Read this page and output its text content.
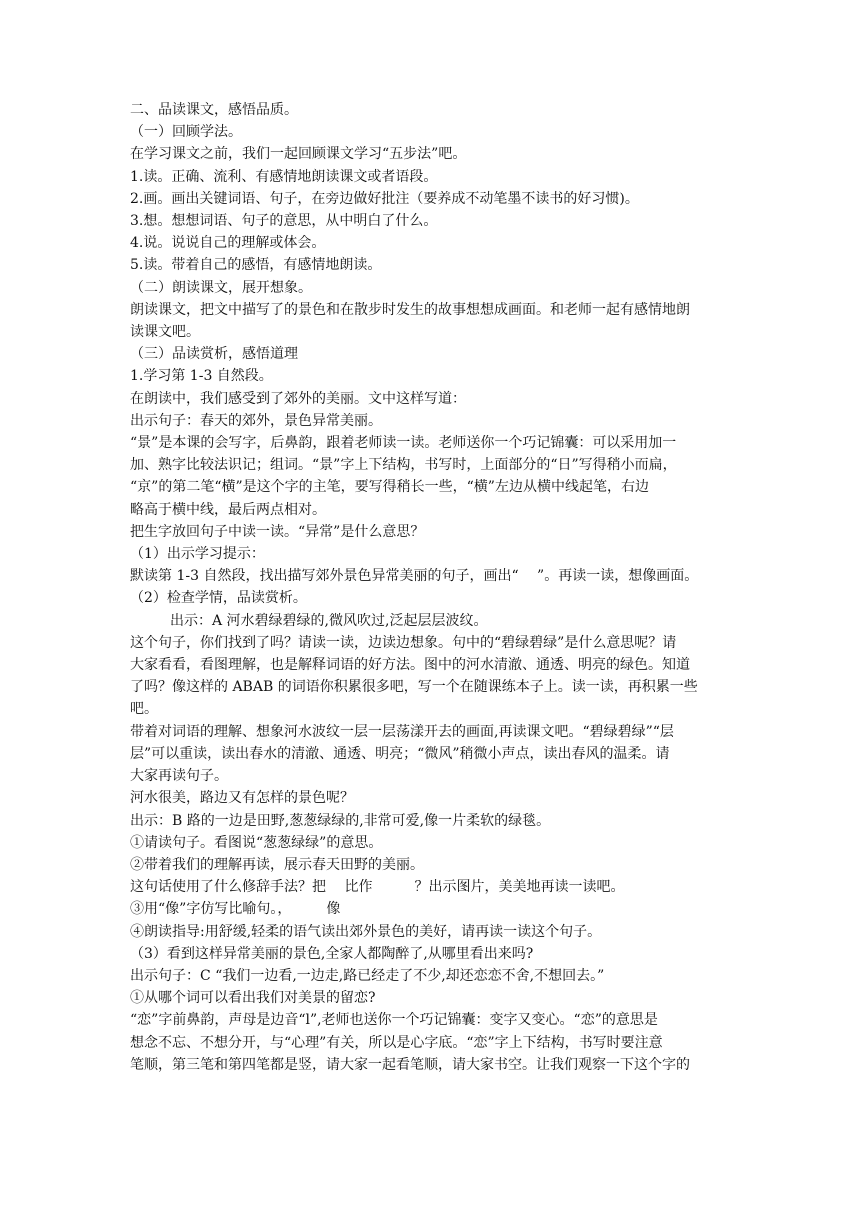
二、品读课文，感悟品质。
（一）回顾学法。
在学习课文之前，我们一起回顾课文学习“五步法”吧。
1.读。正确、流利、有感情地朗读课文或者语段。
2.画。画出关键词语、句子，在旁边做好批注（要养成不动笔墨不读书的好习惯)。
3.想。想想词语、句子的意思，从中明白了什么。
4.说。说说自己的理解或体会。
5.读。带着自己的感悟，有感情地朗读。
（二）朗读课文，展开想象。
朗读课文，把文中描写了的景色和在散步时发生的故事想想成画面。和老师一起有感情地朗
读课文吧。
（三）品读赏析，感悟道理
1.学习第 1-3 自然段。
在朗读中，我们感受到了郊外的美丽。文中这样写道：
出示句子：春天的郊外，景色异常美丽。
“景”是本课的会写字，后鼻韵，跟着老师读一读。老师送你一个巧记锦囊：可以采用加一
加、熟字比较法识记；组词。“景”字上下结构，书写时，上面部分的“日”写得稍小而扁，
“京”的第二笔“横”是这个字的主笔，要写得稍长一些，“横”左边从横中线起笔，右边
略高于横中线，最后两点相对。
把生字放回句子中读一读。“异常”是什么意思？
（1）出示学习提示：
默读第 1-3 自然段，找出描写郊外景色异常美丽的句子，画出“　 ”。再读一读，想像画面。
（2）检查学情，品读赏析。
出示：A 河水碧绿碧绿的,微风吹过,泛起层层波纹。
这个句子，你们找到了吗？请读一读，边读边想象。句中的“碧绿碧绿”是什么意思呢？请
大家看看，看图理解，也是解释词语的好方法。图中的河水清澈、通透、明亮的绿色。知道
了吗？像这样的 ABAB 的词语你积累很多吧，写一个在随课练本子上。读一读，再积累一些
吧。
带着对词语的理解、想象河水波纹一层一层荡漾开去的画面,再读课文吧。“碧绿碧绿”“层
层”可以重读，读出春水的清澈、通透、明亮；“微风”稍微小声点，读出春风的温柔。请
大家再读句子。
河水很美，路边又有怎样的景色呢？
出示：B 路的一边是田野,葱葱绿绿的,非常可爱,像一片柔软的绿毯。
①请读句子。看图说“葱葱绿绿”的意思。
②带着我们的理解再读，展示春天田野的美丽。
这句话使用了什么修辞手法？把　 比作　　　？出示图片，美美地再读一读吧。
③用“像”字仿写比喻句。，　　　像
④朗读指导:用舒缓,轻柔的语气读出郊外景色的美好，请再读一读这个句子。
（3）看到这样异常美丽的景色,全家人都陶醉了,从哪里看出来吗?
出示句子：C “我们一边看,一边走,路已经走了不少,却还恋恋不舍,不想回去。”
①从哪个词可以看出我们对美景的留恋?
“恋”字前鼻韵，声母是边音“l”,老师也送你一个巧记锦囊：变字又变心。“恋”的意思是
想念不忘、不想分开，与“心理”有关，所以是心字底。“恋”字上下结构，书写时要注意
笔顺，第三笔和第四笔都是竖，请大家一起看笔顺，请大家书空。让我们观察一下这个字的
